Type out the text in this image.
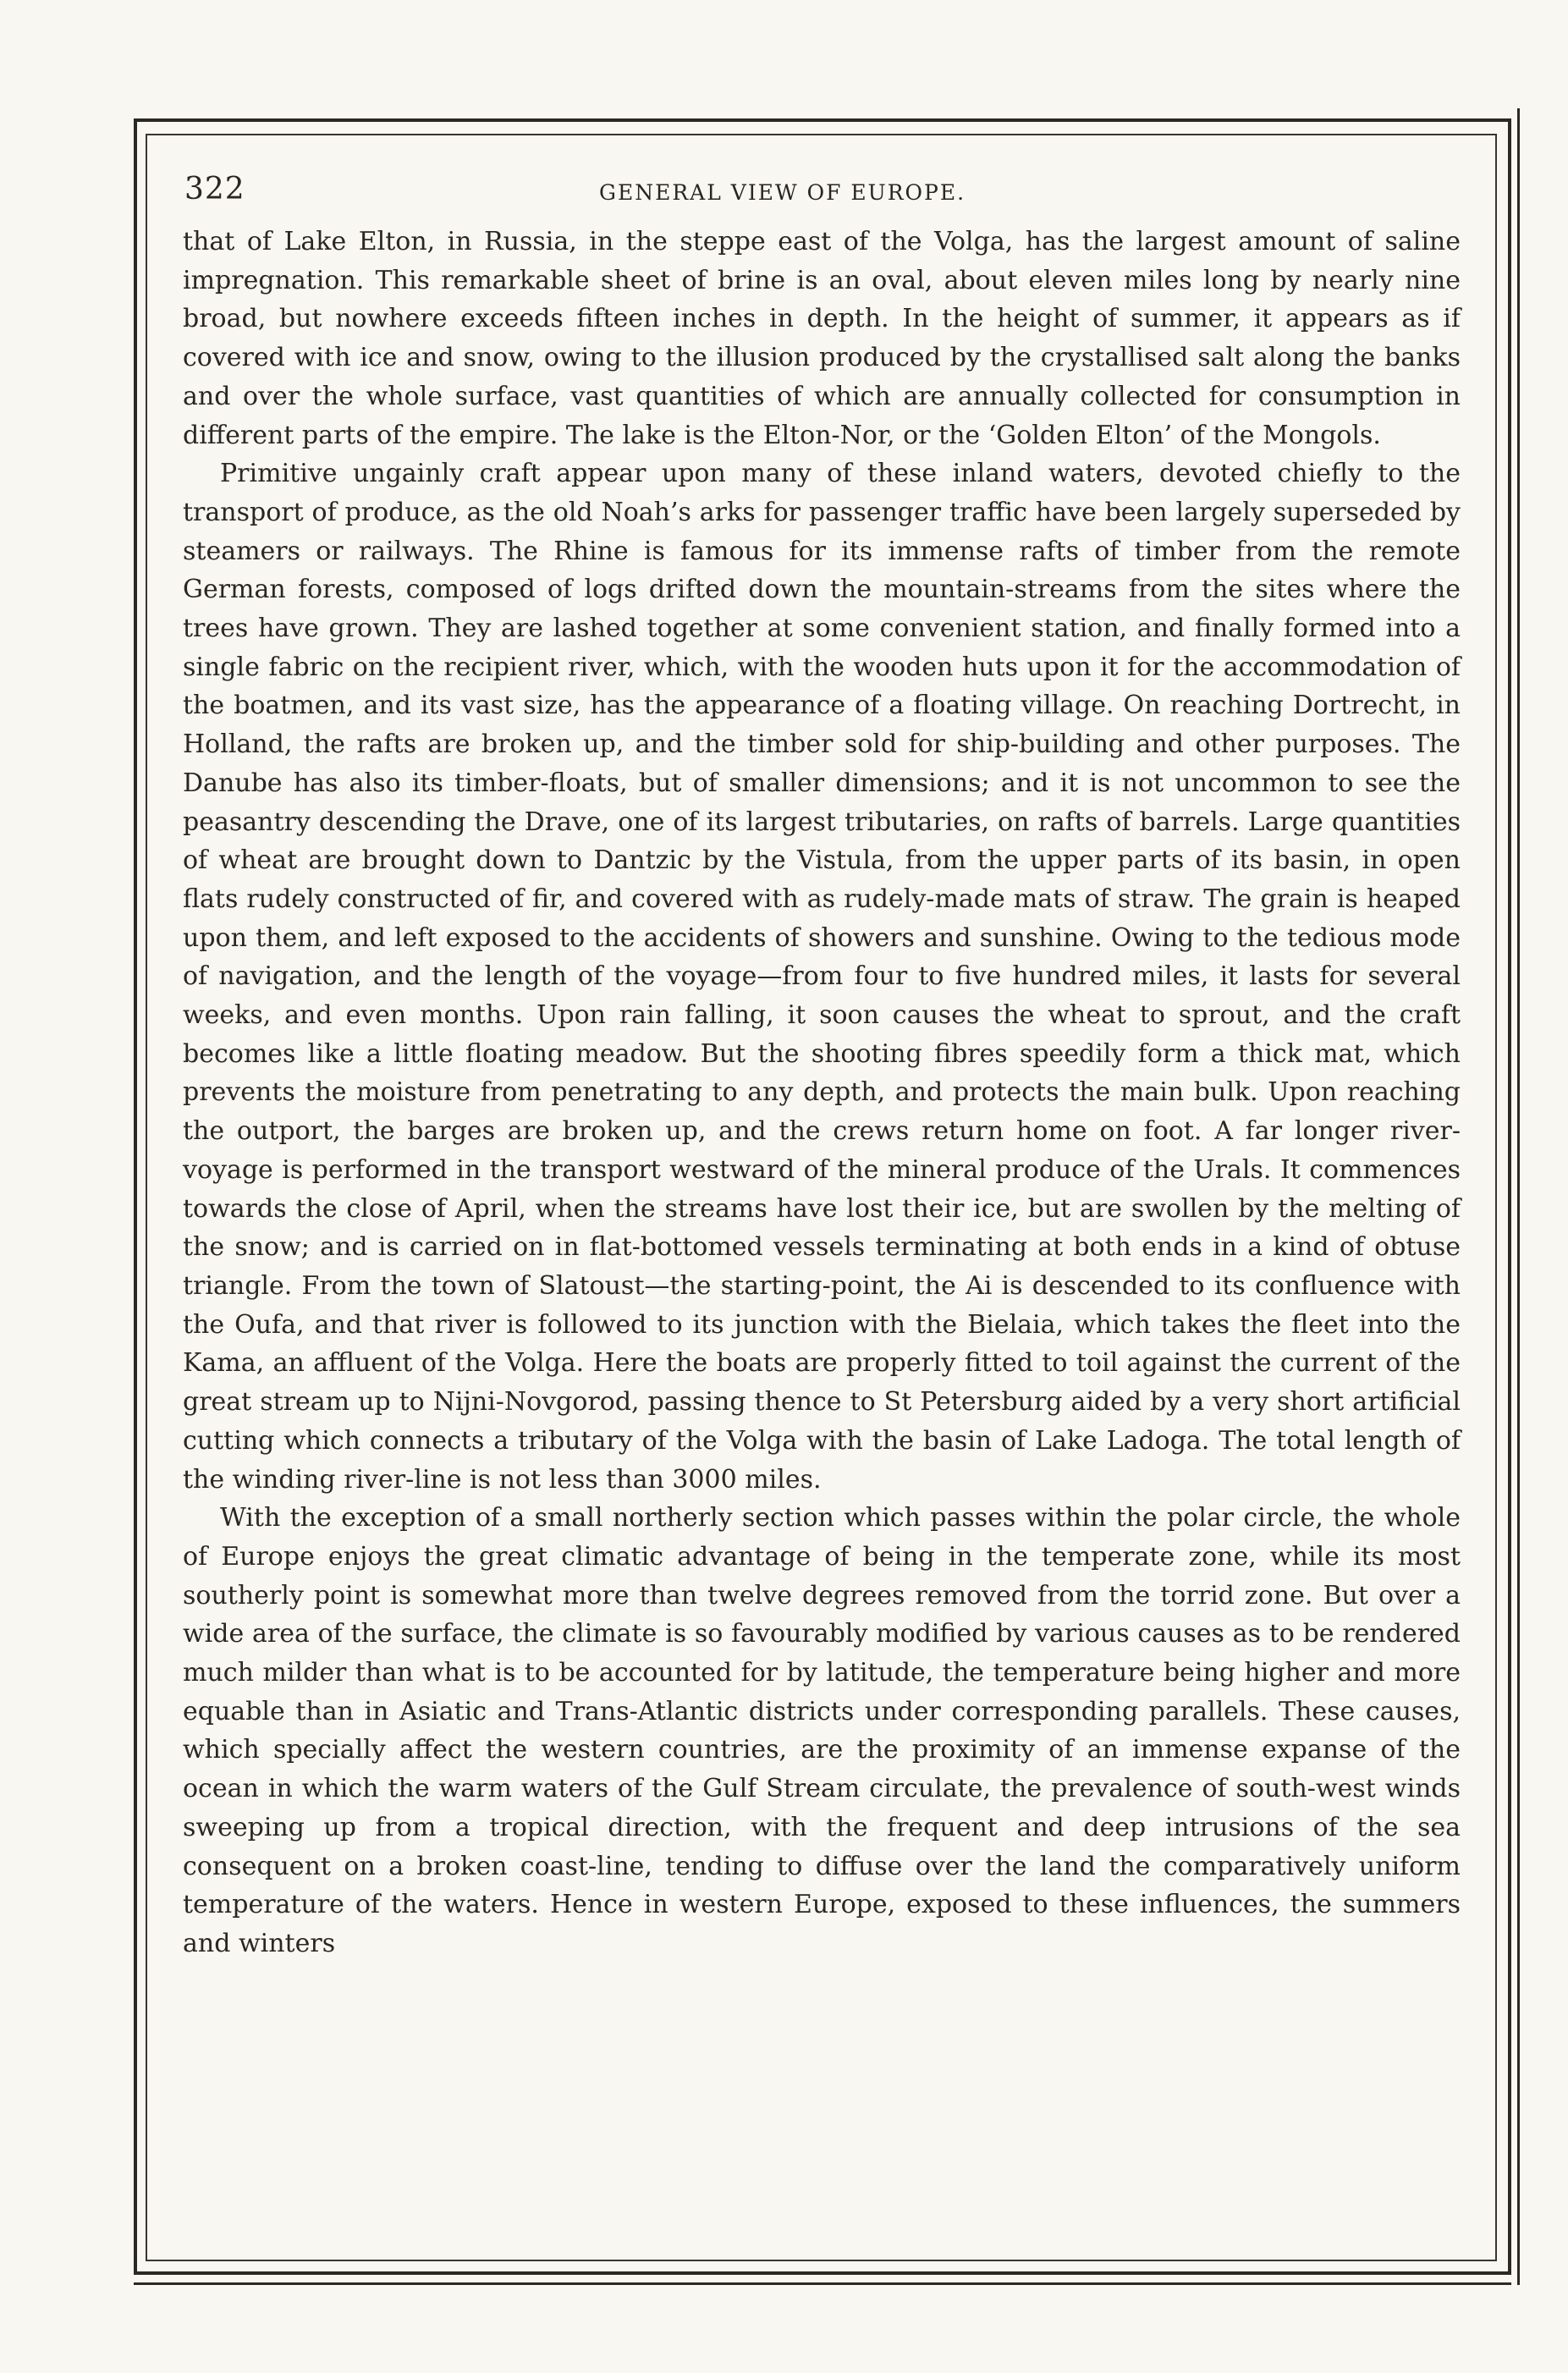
322	GENERAL VIEW OF EUROPE.

that of Lake Elton, in Russia, in the steppe east of the Volga, has the largest amount of saline impregnation. This remarkable sheet of brine is an oval, about eleven miles long by nearly nine broad, but nowhere exceeds fifteen inches in depth. In the height of summer, it appears as if covered with ice and snow, owing to the illusion produced by the crystallised salt along the banks and over the whole surface, vast quantities of which are annually collected for consumption in different parts of the empire. The lake is the Elton-Nor, or the ‘Golden Elton’ of the Mongols.

Primitive ungainly craft appear upon many of these inland waters, devoted chiefly to the transport of produce, as the old Noah’s arks for passenger traffic have been largely superseded by steamers or railways. The Rhine is famous for its immense rafts of timber from the remote German forests, composed of logs drifted down the mountain-streams from the sites where the trees have grown. They are lashed together at some convenient station, and finally formed into a single fabric on the recipient river, which, with the wooden huts upon it for the accommodation of the boatmen, and its vast size, has the appearance of a floating village. On reaching Dortrecht, in Holland, the rafts are broken up, and the timber sold for ship-building and other purposes. The Danube has also its timber-floats, but of smaller dimensions; and it is not uncommon to see the peasantry descending the Drave, one of its largest tributaries, on rafts of barrels. Large quantities of wheat are brought down to Dantzic by the Vistula, from the upper parts of its basin, in open flats rudely constructed of fir, and covered with as rudely-made mats of straw. The grain is heaped upon them, and left exposed to the accidents of showers and sunshine. Owing to the tedious mode of navigation, and the length of the voyage—from four to five hundred miles, it lasts for several weeks, and even months. Upon rain falling, it soon causes the wheat to sprout, and the craft becomes like a little floating meadow. But the shooting fibres speedily form a thick mat, which prevents the moisture from penetrating to any depth, and protects the main bulk. Upon reaching the outport, the barges are broken up, and the crews return home on foot. A far longer river-voyage is performed in the transport westward of the mineral produce of the Urals. It commences towards the close of April, when the streams have lost their ice, but are swollen by the melting of the snow; and is carried on in flat-bottomed vessels terminating at both ends in a kind of obtuse triangle. From the town of Slatoust—the starting-point, the Ai is descended to its confluence with the Oufa, and that river is followed to its junction with the Bielaia, which takes the fleet into the Kama, an affluent of the Volga. Here the boats are properly fitted to toil against the current of the great stream up to Nijni-Novgorod, passing thence to St Petersburg aided by a very short artificial cutting which connects a tributary of the Volga with the basin of Lake Ladoga. The total length of the winding river-line is not less than 3000 miles.

With the exception of a small northerly section which passes within the polar circle, the whole of Europe enjoys the great climatic advantage of being in the temperate zone, while its most southerly point is somewhat more than twelve degrees removed from the torrid zone. But over a wide area of the surface, the climate is so favourably modified by various causes as to be rendered much milder than what is to be accounted for by latitude, the temperature being higher and more equable than in Asiatic and Trans-Atlantic districts under corresponding parallels. These causes, which specially affect the western countries, are the proximity of an immense expanse of the ocean in which the warm waters of the Gulf Stream circulate, the prevalence of south-west winds sweeping up from a tropical direction, with the frequent and deep intrusions of the sea consequent on a broken coast-line, tending to diffuse over the land the comparatively uniform temperature of the waters. Hence in western Europe, exposed to these influences, the summers and winters
